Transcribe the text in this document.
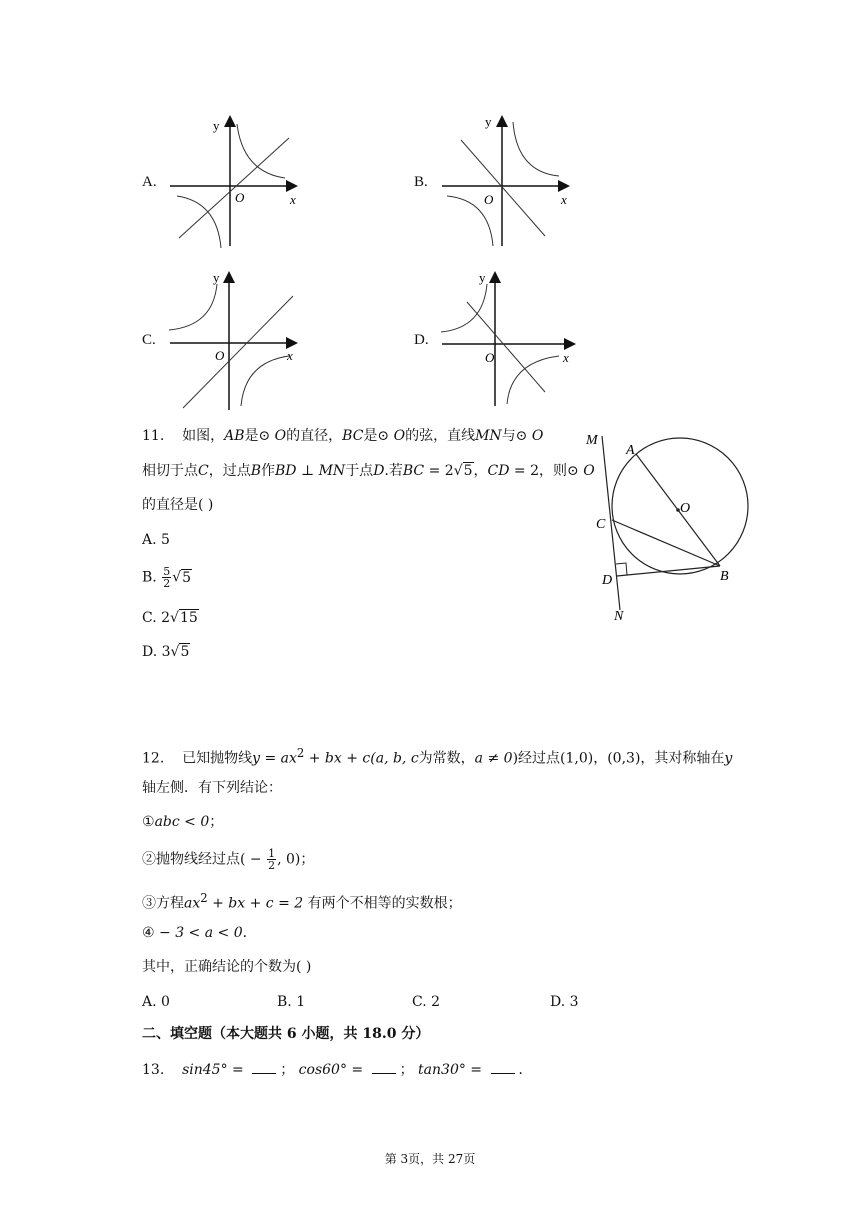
A.
y
O	x
B.
y
O	x
C.
y
O	x
D.
y
O	x
11. 如图，AB是⊙ O的直径，BC是⊙ O的弦，直线MN与⊙ O
相切于点C，过点B作BD ⊥ MN于点D.若BC = 2√5，CD = 2，则⊙ O
的直径是( )
A. 5
B. $\frac{5}{2} √5$
C. 2√15
D. 3√5
M
A
O
C
D	B
N
12. 已知抛物线$y = ax^2$ + bx + c(a, b, c为常数，a ≠ 0)经过点(1,0)，(0,3)，其对称轴在y
轴左侧．有下列结论：
①abc < 0；
②抛物线经过点( − $\frac{1}{2}$ , 0)；
③方程$ax^2$ + bx + c = 2 有两个不相等的实数根；
④ − 3 < a < 0．
其中，正确结论的个数为( )
A. 0	B. 1	C. 2	D. 3
二、填空题（本大题共 6 小题，共 18.0 分）
13. sin45° = ； cos60° = ； tan30° = ．
第 3页，共 27页
